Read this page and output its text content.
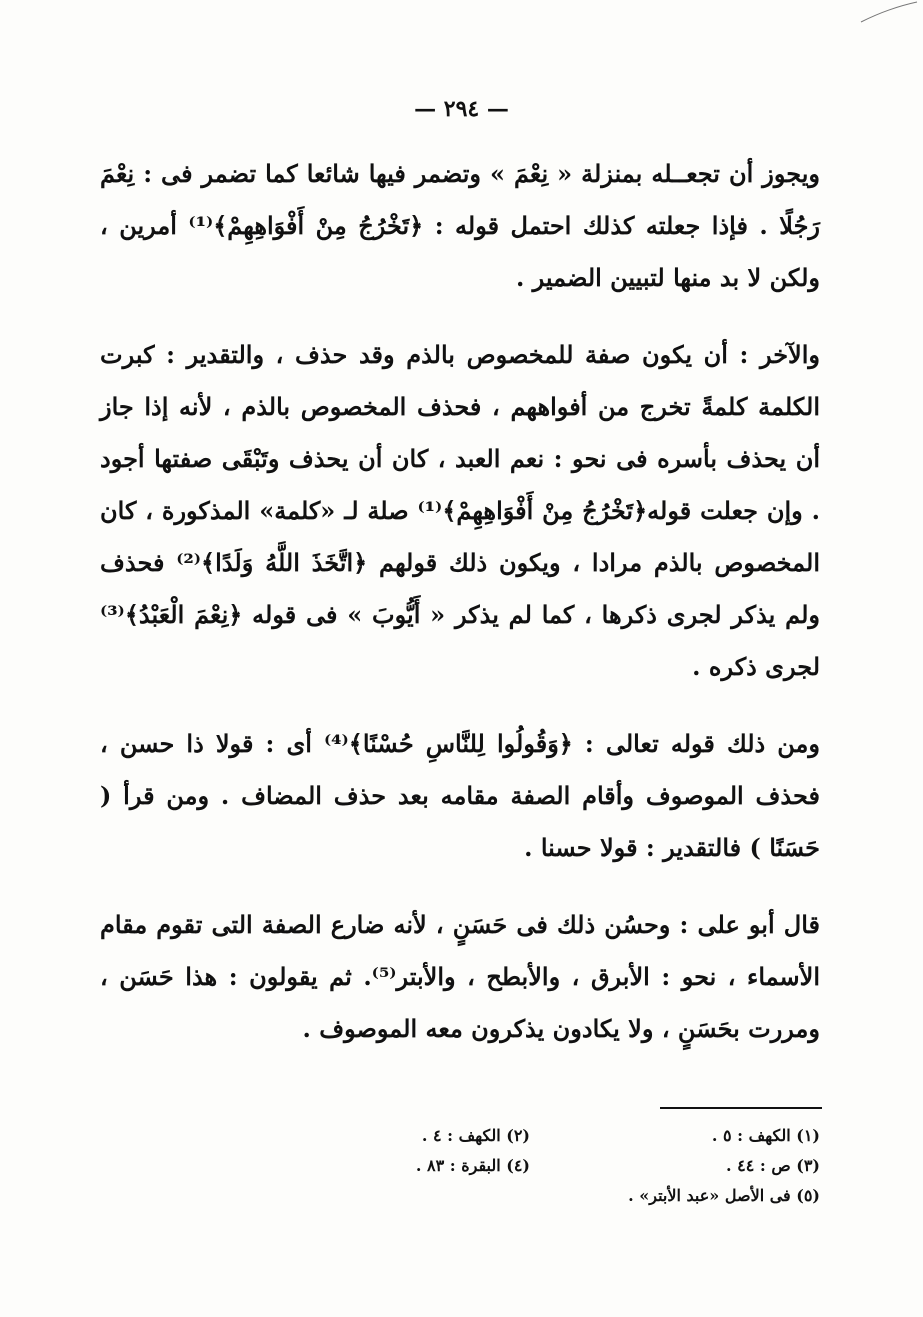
— ٢٩٤ —

ويجوز أن تجعــله بمنزلة « نِعْمَ » وتضمر فيها شائعا كما تضمر فى : نِعْمَ رَجُلًا . فإذا جعلته كذلك احتمل قوله : ﴿تَخْرُجُ مِنْ أَفْوَاهِهِمْ﴾⁽¹⁾ أمرين ، ولكن لا بد منها لتبيين الضمير .

والآخر : أن يكون صفة للمخصوص بالذم وقد حذف ، والتقدير : كبرت الكلمة كلمةً تخرج من أفواههم ، فحذف المخصوص بالذم ، لأنه إذا جاز أن يحذف بأسره فى نحو : نعم العبد ، كان أن يحذف وتَبْقَى صفتها أجود . وإن جعلت قوله﴿تَخْرُجُ مِنْ أَفْوَاهِهِمْ﴾⁽¹⁾ صلة لـ «كلمة» المذكورة ، كان المخصوص بالذم مرادا ، ويكون ذلك قولهم ﴿اتَّخَذَ اللَّهُ وَلَدًا﴾⁽²⁾ فحذف ولم يذكر لجرى ذكرها ، كما لم يذكر « أَيُّوبَ » فى قوله ﴿نِعْمَ الْعَبْدُ﴾⁽³⁾ لجرى ذكره .

ومن ذلك قوله تعالى : ﴿وَقُولُوا لِلنَّاسِ حُسْنًا﴾⁽⁴⁾ أى : قولا ذا حسن ، فحذف الموصوف وأقام الصفة مقامه بعد حذف المضاف . ومن قرأ ( حَسَنًا ) فالتقدير : قولا حسنا .

قال أبو على : وحسُن ذلك فى حَسَنٍ ، لأنه ضارع الصفة التى تقوم مقام الأسماء ، نحو : الأبرق ، والأبطح ، والأبتر⁽⁵⁾. ثم يقولون : هذا حَسَن ، ومررت بحَسَنٍ ، ولا يكادون يذكرون معه الموصوف .

(١) الكهف : ٥ .
(٢) الكهف : ٤ .
(٣) ص : ٤٤ .
(٤) البقرة : ٨٣ .
(٥) فى الأصل «عبد الأبتر» .
